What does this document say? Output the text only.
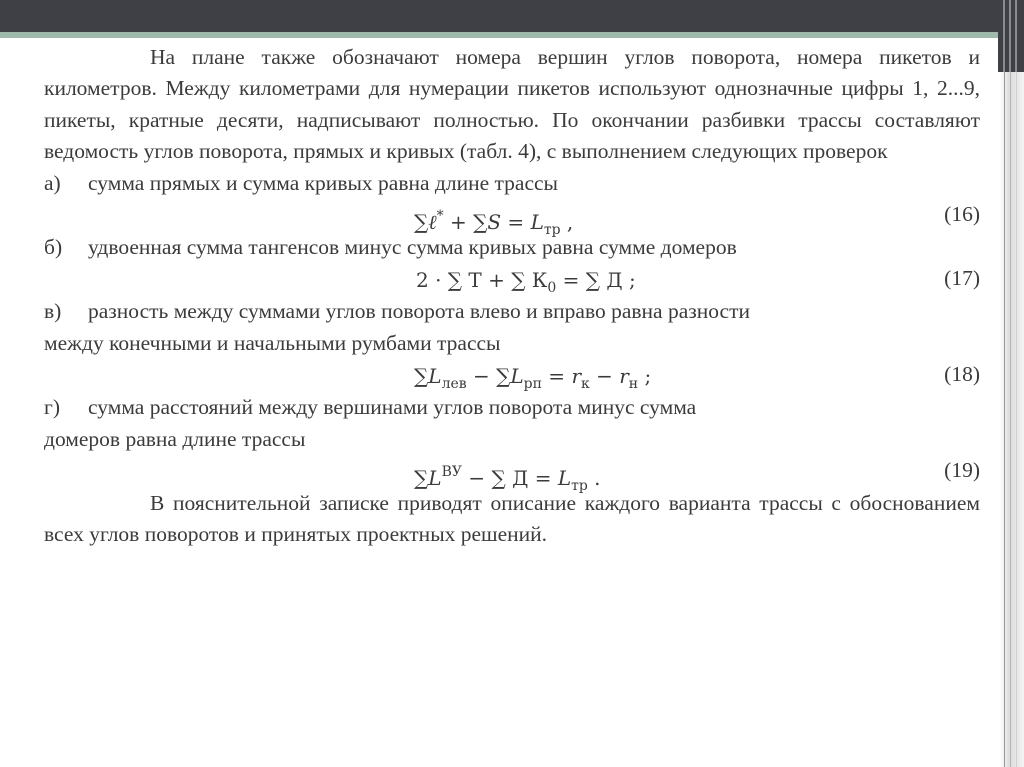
На плане также обозначают номера вершин углов поворота, номера пикетов и километров. Между километрами для нумерации пикетов используют однозначные цифры 1, 2...9, пикеты, кратные десяти, надписывают полностью. По окончании разбивки трассы составляют ведомость углов поворота, прямых и кривых (табл. 4), с выполнением следующих проверок

а) сумма прямых и сумма кривых равна длине трассы

∑ℓ* + $\sum S = L_{тр}$ ,	(16)

б) удвоенная сумма тангенсов минус сумма кривых равна сумме домеров

2 · ∑ Т + ∑ $К_0$ = ∑ Д ;	(17)

в) разность между суммами углов поворота влево и вправо равна разности
между конечными и начальными румбами трассы

$\sum L_{лев} - \sum L_{рп} = r_к - r_н$ ;	(18)

г) сумма расстояний между вершинами углов поворота минус сумма
домеров равна длине трассы

$\sum L^{ВУ}$ − ∑ $Д = L_{тр}$ .	(19)

В пояснительной записке приводят описание каждого варианта трассы с обоснованием всех углов поворотов и принятых проектных решений.
